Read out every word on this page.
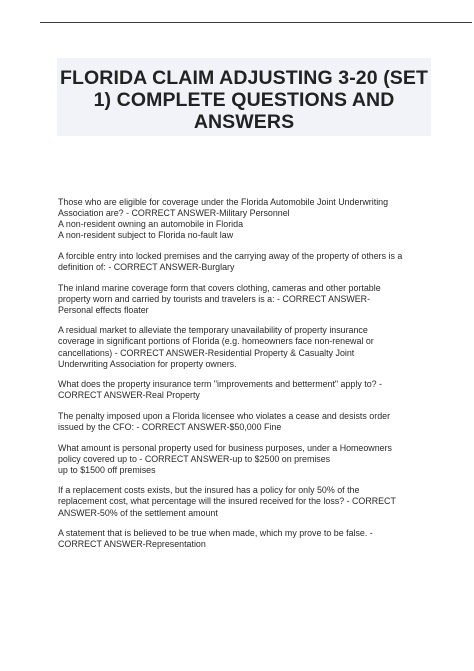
FLORIDA CLAIM ADJUSTING 3-20 (SET
1) COMPLETE QUESTIONS AND
ANSWERS
Those who are eligible for coverage under the Florida Automobile Joint Underwriting
Association are? - CORRECT ANSWER-Military Personnel
A non-resident owning an automobile in Florida
A non-resident subject to Florida no-fault law
A forcible entry into locked premises and the carrying away of the property of others is a
definition of: - CORRECT ANSWER-Burglary
The inland marine coverage form that covers clothing, cameras and other portable
property worn and carried by tourists and travelers is a: - CORRECT ANSWER-
Personal effects floater
A residual market to alleviate the temporary unavailability of property insurance
coverage in significant portions of Florida (e.g. homeowners face non-renewal or
cancellations) - CORRECT ANSWER-Residential Property & Casualty Joint
Underwriting Association for property owners.
What does the property insurance term "improvements and betterment" apply to? -
CORRECT ANSWER-Real Property
The penalty imposed upon a Florida licensee who violates a cease and desists order
issued by the CFO: - CORRECT ANSWER-$50,000 Fine
What amount is personal property used for business purposes, under a Homeowners
policy covered up to - CORRECT ANSWER-up to $2500 on premises
up to $1500 off premises
If a replacement costs exists, but the insured has a policy for only 50% of the
replacement cost, what percentage will the insured received for the loss? - CORRECT
ANSWER-50% of the settlement amount
A statement that is believed to be true when made, which my prove to be false. -
CORRECT ANSWER-Representation
